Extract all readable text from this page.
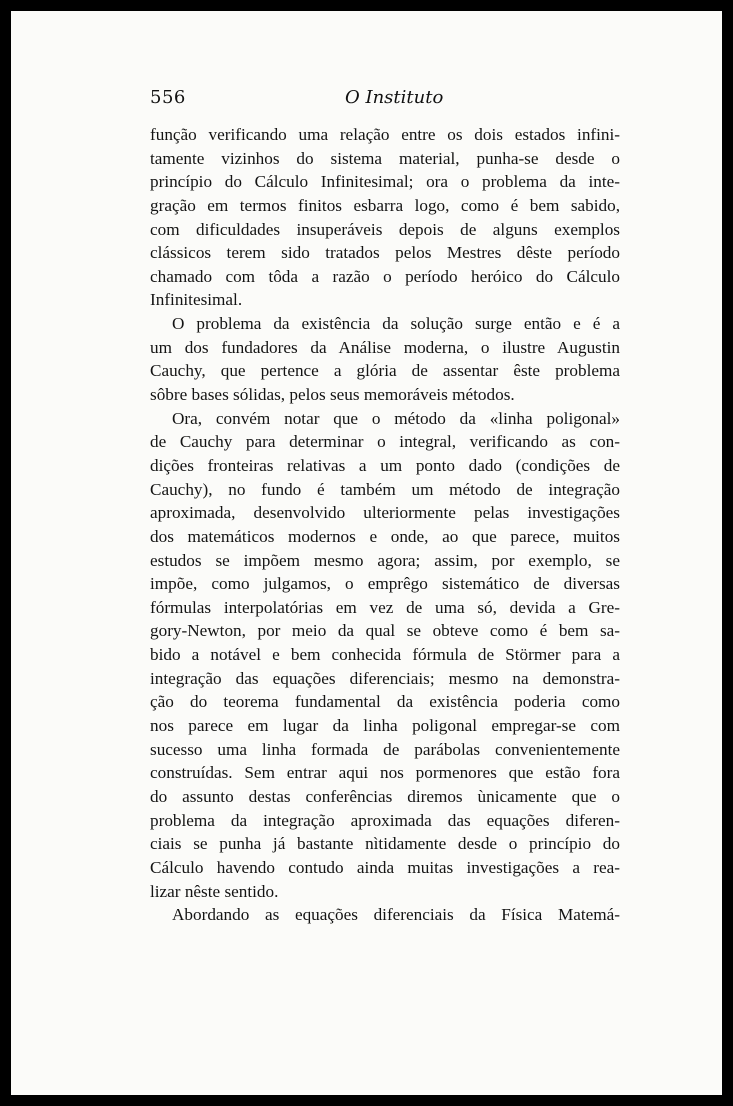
556	O Instituto
função verificando uma relação entre os dois estados infini-
tamente vizinhos do sistema material, punha-se desde o
princípio do Cálculo Infinitesimal; ora o problema da inte-
gração em termos finitos esbarra logo, como é bem sabido,
com dificuldades insuperáveis depois de alguns exemplos
clássicos terem sido tratados pelos Mestres dêste período
chamado com tôda a razão o período heróico do Cálculo
Infinitesimal.
O problema da existência da solução surge então e é a
um dos fundadores da Análise moderna, o ilustre Augustin
Cauchy, que pertence a glória de assentar êste problema
sôbre bases sólidas, pelos seus memoráveis métodos.
Ora, convém notar que o método da «linha poligonal»
de Cauchy para determinar o integral, verificando as con-
dições fronteiras relativas a um ponto dado (condições de
Cauchy), no fundo é também um método de integração
aproximada, desenvolvido ulteriormente pelas investigações
dos matemáticos modernos e onde, ao que parece, muitos
estudos se impõem mesmo agora; assim, por exemplo, se
impõe, como julgamos, o emprêgo sistemático de diversas
fórmulas interpolatórias em vez de uma só, devida a Gre-
gory-Newton, por meio da qual se obteve como é bem sa-
bido a notável e bem conhecida fórmula de Störmer para a
integração das equações diferenciais; mesmo na demonstra-
ção do teorema fundamental da existência poderia como
nos parece em lugar da linha poligonal empregar-se com
sucesso uma linha formada de parábolas convenientemente
construídas. Sem entrar aqui nos pormenores que estão fora
do assunto destas conferências diremos ùnicamente que o
problema da integração aproximada das equações diferen-
ciais se punha já bastante nìtidamente desde o princípio do
Cálculo havendo contudo ainda muitas investigações a rea-
lizar nêste sentido.
Abordando as equações diferenciais da Física Matemá-
